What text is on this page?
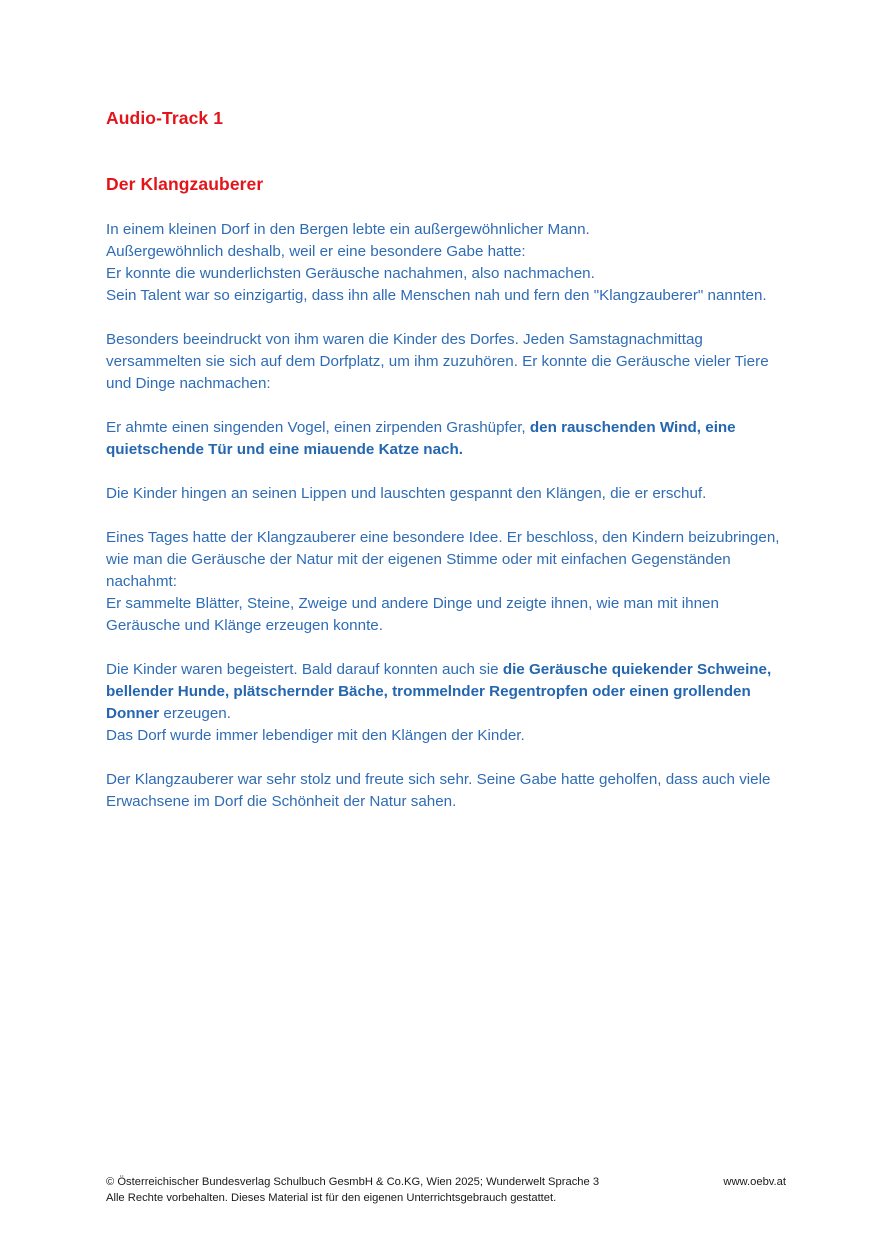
Audio-Track 1
Der Klangzauberer

In einem kleinen Dorf in den Bergen lebte ein außergewöhnlicher Mann.
Außergewöhnlich deshalb, weil er eine besondere Gabe hatte:
Er konnte die wunderlichsten Geräusche nachahmen, also nachmachen.
Sein Talent war so einzigartig, dass ihn alle Menschen nah und fern den "Klangzauberer" nannten.

Besonders beeindruckt von ihm waren die Kinder des Dorfes. Jeden Samstagnachmittag versammelten sie sich auf dem Dorfplatz, um ihm zuzuhören. Er konnte die Geräusche vieler Tiere und Dinge nachmachen:

Er ahmte einen singenden Vogel, einen zirpenden Grashüpfer, den rauschenden Wind, eine quietschende Tür und eine miauende Katze nach.

Die Kinder hingen an seinen Lippen und lauschten gespannt den Klängen, die er erschuf.

Eines Tages hatte der Klangzauberer eine besondere Idee. Er beschloss, den Kindern beizubringen, wie man die Geräusche der Natur mit der eigenen Stimme oder mit einfachen Gegenständen nachahmt:
Er sammelte Blätter, Steine, Zweige und andere Dinge und zeigte ihnen, wie man mit ihnen Geräusche und Klänge erzeugen konnte.

Die Kinder waren begeistert. Bald darauf konnten auch sie die Geräusche quiekender Schweine, bellender Hunde, plätschernder Bäche, trommelnder Regentropfen oder einen grollenden Donner erzeugen.
Das Dorf wurde immer lebendiger mit den Klängen der Kinder.

Der Klangzauberer war sehr stolz und freute sich sehr. Seine Gabe hatte geholfen, dass auch viele Erwachsene im Dorf die Schönheit der Natur sahen.

© Österreichischer Bundesverlag Schulbuch GesmbH & Co.KG, Wien 2025; Wunderwelt Sprache 3	www.oebv.at
Alle Rechte vorbehalten. Dieses Material ist für den eigenen Unterrichtsgebrauch gestattet.
